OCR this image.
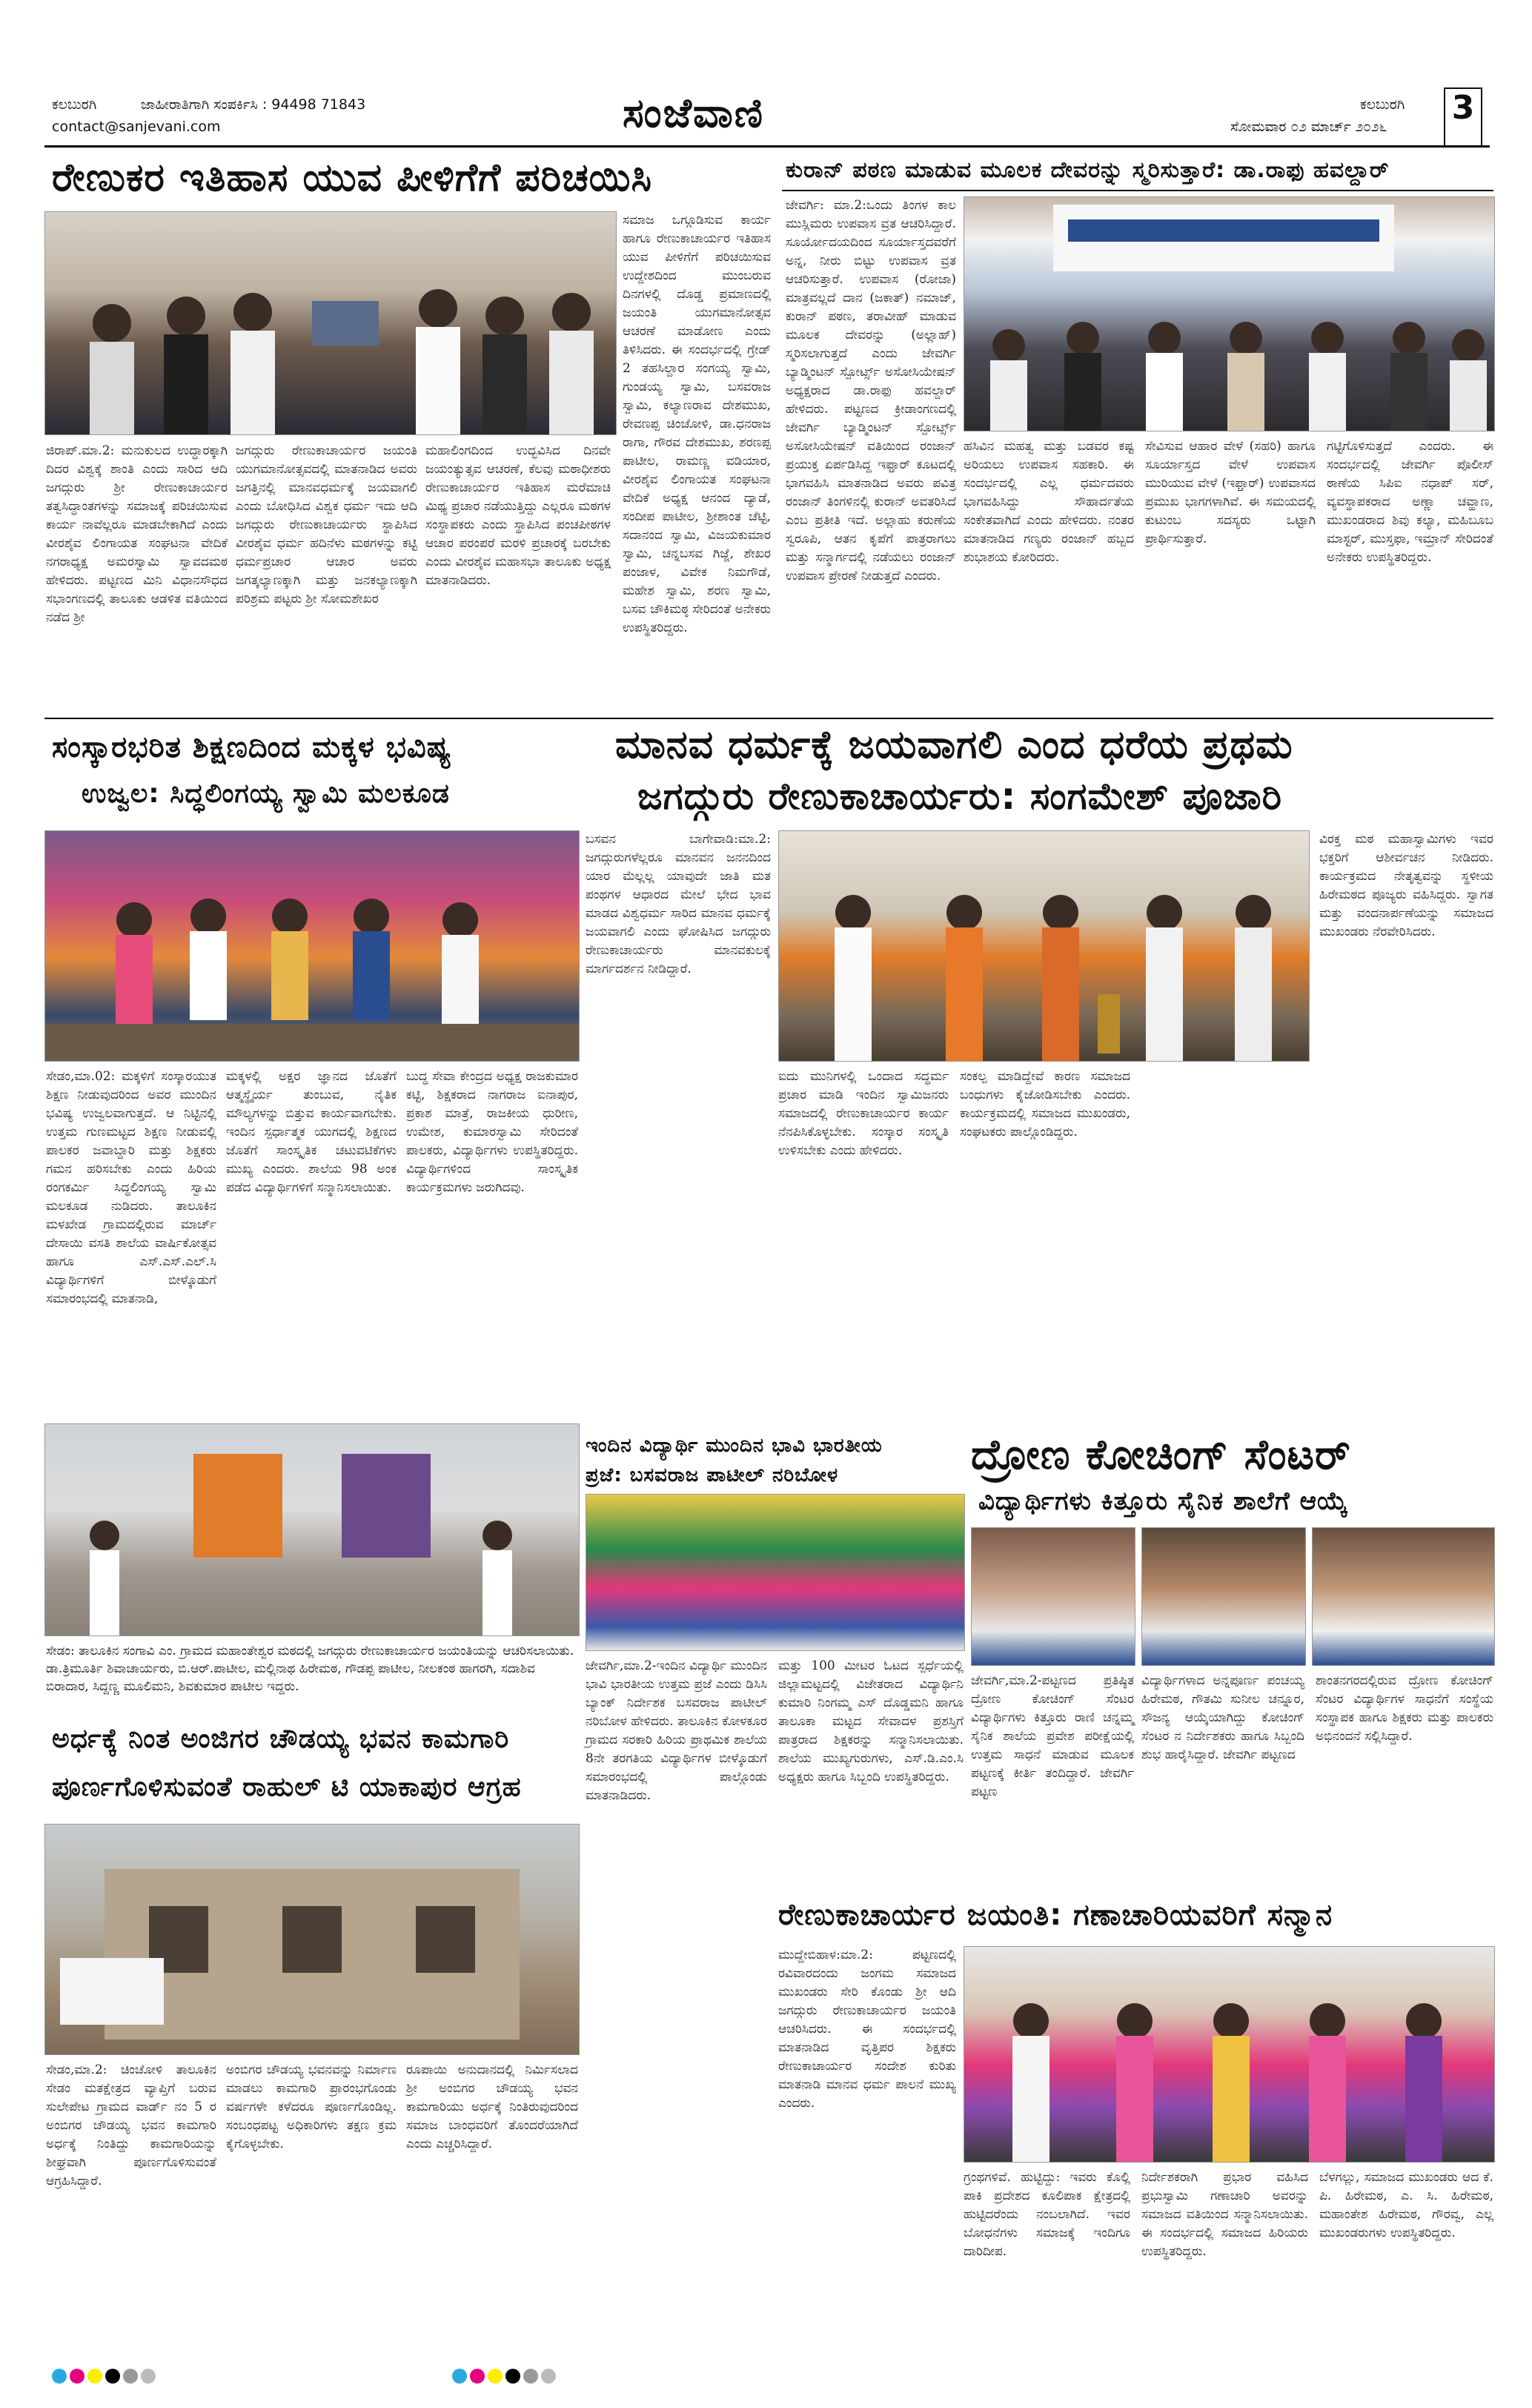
ಕಲಬುರಗಿ	ಜಾಹೀರಾತಿಗಾಗಿ ಸಂಪರ್ಕಿಸಿ : 94498 71843
contact@sanjevani.com	ಸಂಜೆವಾಣಿ	ಸೋಮವಾರ ೦೨ ಮಾರ್ಚ್ ೨೦೨೬
ಕಲಬುರಗಿ 3
ರೇಣುಕರ ಇತಿಹಾಸ ಯುವ ಪೀಳಿಗೆಗೆ ಪರಿಚಯಿಸಿ
ಜಿರಾಪ್.ಮಾ.2: ಮನುಕುಲದ ಉದ್ಧಾರಕ್ಕಾಗಿ ದಿದರ ವಿಶ್ವಕ್ಕೆ ಶಾಂತಿ ಎಂದು ಸಾರಿದ ಆದಿ ಜಗದ್ಗುರು ಶ್ರೀ ರೇಣುಕಾಚಾರ್ಯರ ತತ್ವಸಿದ್ಧಾಂತಗಳನ್ನು ಸಮಾಜಕ್ಕೆ ಪರಿಚಯಿಸುವ ಕಾರ್ಯ ನಾವೆಲ್ಲರೂ ಮಾಡಬೇಕಾಗಿದೆ ಎಂದು ವೀರಶೈವ ಲಿಂಗಾಯತ ಸಂಘಟನಾ ವೇದಿಕೆ ನಗರಾಧ್ಯಕ್ಷ ಅಮರಸ್ವಾಮಿ ಸ್ವಾವದಮಠ ಹೇಳಿದರು. ಪಟ್ಟಣದ ಮಿನಿ ವಿಧಾನಸೌಧದ ಸಭಾಂಗಣದಲ್ಲಿ ತಾಲೂಕು ಆಡಳಿತ ವತಿಯಿಂದ ನಡೆದ ಶ್ರೀ
ಜಗದ್ಗುರು ರೇಣುಕಾಚಾರ್ಯರ ಜಯಂತಿ ಯುಗಮಾನೋತ್ಸವದಲ್ಲಿ ಮಾತನಾಡಿದ ಅವರು ಜಗತ್ತಿನಲ್ಲಿ ಮಾನವಧರ್ಮಕ್ಕೆ ಜಯವಾಗಲಿ ಎಂದು ಬೋಧಿಸಿದ ವಿಶ್ವಕ ಧರ್ಮ ಇದು ಆದಿ ಜಗದ್ಗುರು ರೇಣುಕಾಚಾರ್ಯರು ಸ್ಥಾಪಿಸಿದ ವೀರಶೈವ ಧರ್ಮ ಹದಿನೆಳು ಮಠಗಳನ್ನು ಕಟ್ಟಿ ಧರ್ಮಪ್ರಚಾರ ಆಚಾರ ಅವರು ಜಗತ್ಕಲ್ಯಾಣಕ್ಕಾಗಿ ಮತ್ತು ಜನಕಲ್ಯಾಣಕ್ಕಾಗಿ ಪರಿಶ್ರಮ ಪಟ್ಟರು ಶ್ರೀ ಸೋಮಶೇಖರ
ಮಹಾಲಿಂಗದಿಂದ ಉದ್ಭವಿಸಿದ ದಿನವೇ ಜಯಂತ್ಯುತ್ಸವ ಆಚರಣೆ, ಕೆಲವು ಮಠಾಧೀಶರು ರೇಣುಕಾಚಾರ್ಯರ ಇತಿಹಾಸ ಮರೆಮಾಚಿ ಮಿಥ್ಯ ಪ್ರಚಾರ ನಡೆಯುತ್ತಿದ್ದು ಎಲ್ಲರೂ ಮಠಗಳ ಸಂಸ್ಥಾಪಕರು ಎಂದು ಸ್ಥಾಪಿಸಿದ ಪಂಚಪೀಠಗಳ ಆಚಾರ ಪರಂಪರೆ ಮರಳಿ ಪ್ರಚಾರಕ್ಕೆ ಬರಬೇಕು ಎಂದು ವೀರಶೈವ ಮಹಾಸಭಾ ತಾಲೂಕು ಅಧ್ಯಕ್ಷ ಮಾತನಾಡಿದರು.
ಸಮಾಜ ಒಗ್ಗೂಡಿಸುವ ಕಾರ್ಯ ಹಾಗೂ ರೇಣುಕಾಚಾರ್ಯರ ಇತಿಹಾಸ ಯುವ ಪೀಳಿಗೆಗೆ ಪರಿಚಯಿಸುವ ಉದ್ದೇಶದಿಂದ ಮುಂಬರುವ ದಿನಗಳಲ್ಲಿ ದೊಡ್ಡ ಪ್ರಮಾಣದಲ್ಲಿ ಜಯಂತಿ ಯುಗಮಾನೋತ್ಸವ ಆಚರಣೆ ಮಾಡೋಣ ಎಂದು ತಿಳಿಸಿದರು. ಈ ಸಂದರ್ಭದಲ್ಲಿ ಗ್ರೇಡ್ 2 ತಹಸಿಲ್ದಾರ ಸಂಗಯ್ಯ ಸ್ವಾಮಿ, ಗುಂಡಯ್ಯ ಸ್ವಾಮಿ, ಬಸವರಾಜ ಸ್ವಾಮಿ, ಕಲ್ಯಾಣರಾವ ದೇಶಮುಖ, ರೇವಣಪ್ಪ ಚಿಂಚೋಳಿ, ಡಾ.ಧನರಾಜ ರಾಗಾ, ಗೌರವ ದೇಶಮುಖ, ಶರಣಪ್ಪ ಪಾಟೀಲ, ರಾಮಣ್ಣ ವಡಿಯಾರ, ವೀರಶೈವ ಲಿಂಗಾಯತ ಸಂಘಟನಾ ವೇದಿಕೆ ಅಧ್ಯಕ್ಷ ಆನಂದ ದ್ಯಾಡೆ, ಸಂದೀಪ ಪಾಟೀಲ, ಶ್ರೀಶಾಂತ ಚೆಟ್ಟಿ, ಸದಾನಂದ ಸ್ವಾಮಿ, ವಿಜಯಕುಮಾರ ಸ್ವಾಮಿ, ಚನ್ನಬಸವ ಗಿಜ್ಜೆ, ಶೇಖರ ಪಂಜಾಳ, ವಿವೇಕ ನಿಮಗೌಡೆ, ಮಹೇಶ ಸ್ವಾಮಿ, ಶರಣ ಸ್ವಾಮಿ, ಬಸವ ಚೌಕಿಮಠ್ಠ ಸೇರಿದಂತೆ ಅನೇಕರು ಉಪಸ್ಥಿತರಿದ್ದರು.
ಕುರಾನ್ ಪಠಣ ಮಾಡುವ ಮೂಲಕ ದೇವರನ್ನು ಸ್ಮರಿಸುತ್ತಾರೆ: ಡಾ.ರಾಫು ಹವಲ್ದಾರ್
ಜೇವರ್ಗಿ: ಮಾ.2:ಒಂದು ತಿಂಗಳ ಕಾಲ ಮುಸ್ಲಿಮರು ಉಪವಾಸ ವ್ರತ ಆಚರಿಸಿದ್ದಾರೆ. ಸೂರ್ಯೋದಯದಿಂದ ಸೂರ್ಯಾಸ್ತದವರೆಗೆ ಅನ್ನ, ನೀರು ಬಿಟ್ಟು ಉಪವಾಸ ವ್ರತ ಆಚರಿಸುತ್ತಾರೆ. ಉಪವಾಸ (ರೋಜಾ) ಮಾತ್ರವಲ್ಲದೆ ದಾನ (ಜಕಾತ್) ನಮಾಜ್, ಕುರಾನ್ ಪಠಣ, ತರಾವೀಹ್ ಮಾಡುವ ಮೂಲಕ ದೇವರನ್ನು (ಅಲ್ಲಾಹ್) ಸ್ಮರಿಸಲಾಗುತ್ತದೆ ಎಂದು ಜೇವರ್ಗಿ ಬ್ಯಾಡ್ಮಿಂಟನ್ ಸ್ಪೋರ್ಟ್ಸ್ ಅಸೋಸಿಯೇಷನ್ ಅಧ್ಯಕ್ಷರಾದ ಡಾ.ರಾಫು ಹವಲ್ದಾರ್ ಹೇಳಿದರು. ಪಟ್ಟಣದ ಕ್ರೀಡಾಂಗಣದಲ್ಲಿ ಜೇವರ್ಗಿ ಬ್ಯಾಡ್ಮಿಂಟನ್ ಸ್ಪೋರ್ಟ್ಸ್ ಅಸೋಸಿಯೇಷನ್ ವತಿಯಿಂದ ರಂಜಾನ್ ಪ್ರಯುಕ್ತ ಏರ್ಪಡಿಸಿದ್ದ ಇಫ್ತಾರ್ ಕೂಟದಲ್ಲಿ ಭಾಗವಹಿಸಿ ಮಾತನಾಡಿದ ಅವರು ಪವಿತ್ರ ರಂಜಾನ್ ತಿಂಗಳಿನಲ್ಲಿ ಕುರಾನ್ ಅವತರಿಸಿದೆ ಎಂಬ ಪ್ರತೀತಿ ಇದೆ. ಅಲ್ಲಾಹು ಕರುಣೆಯ ಸ್ವರೂಪಿ, ಆತನ ಕೃಪೆಗೆ ಪಾತ್ರರಾಗಲು ಮತ್ತು ಸನ್ಮಾರ್ಗದಲ್ಲಿ ನಡೆಯಲು ರಂಜಾನ್ ಉಪವಾಸ ಪ್ರೇರಣೆ ನೀಡುತ್ತದೆ ಎಂದರು.
ಹಸಿವಿನ ಮಹತ್ವ ಮತ್ತು ಬಡವರ ಕಷ್ಟ ಅರಿಯಲು ಉಪವಾಸ ಸಹಕಾರಿ. ಈ ಸಂದರ್ಭದಲ್ಲಿ ಎಲ್ಲ ಧರ್ಮದವರು ಭಾಗವಹಿಸಿದ್ದು ಸೌಹಾರ್ದತೆಯ ಸಂಕೇತವಾಗಿದೆ ಎಂದು ಹೇಳಿದರು. ನಂತರ ಮಾತನಾಡಿದ ಗಣ್ಯರು ರಂಜಾನ್ ಹಬ್ಬದ ಶುಭಾಶಯ ಕೋರಿದರು.
ಸೇವಿಸುವ ಆಹಾರ ವೇಳೆ (ಸಹರಿ) ಹಾಗೂ ಸೂರ್ಯಾಸ್ತದ ವೇಳೆ ಉಪವಾಸ ಮುರಿಯುವ ವೇಳೆ (ಇಫ್ತಾರ್) ಉಪವಾಸದ ಪ್ರಮುಖ ಭಾಗಗಳಾಗಿವೆ. ಈ ಸಮಯದಲ್ಲಿ ಕುಟುಂಬ ಸದಸ್ಯರು ಒಟ್ಟಾಗಿ ಪ್ರಾರ್ಥಿಸುತ್ತಾರೆ.
ಗಟ್ಟಿಗೊಳಿಸುತ್ತದೆ ಎಂದರು. ಈ ಸಂದರ್ಭದಲ್ಲಿ ಜೇವರ್ಗಿ ಪೊಲೀಸ್ ಠಾಣೆಯ ಸಿಪಿಐ ನಧಾಪ್ ಸರ್, ವ್ಯವಸ್ಥಾಪಕರಾದ ಅಣ್ಣಾ ಚವ್ಹಾಣ, ಮುಖಂಡರಾದ ಶಿವು ಕಲ್ಯಾ, ಮಹಿಬೂಬ ಮಾಸ್ಟರ್, ಮುಸ್ತಫಾ, ಇಮ್ರಾನ್ ಸೇರಿದಂತೆ ಅನೇಕರು ಉಪಸ್ಥಿತರಿದ್ದರು.
ಸಂಸ್ಕಾರಭರಿತ ಶಿಕ್ಷಣದಿಂದ ಮಕ್ಕಳ ಭವಿಷ್ಯ
ಉಜ್ವಲ: ಸಿದ್ಧಲಿಂಗಯ್ಯ ಸ್ವಾಮಿ ಮಲಕೂಡ
ಸೇಡಂ,ಮಾ.02: ಮಕ್ಕಳಿಗೆ ಸಂಸ್ಕಾರಯುತ ಶಿಕ್ಷಣ ನೀಡುವುದರಿಂದ ಅವರ ಮುಂದಿನ ಭವಿಷ್ಯ ಉಜ್ವಲವಾಗುತ್ತದೆ. ಆ ನಿಟ್ಟಿನಲ್ಲಿ ಉತ್ತಮ ಗುಣಮಟ್ಟದ ಶಿಕ್ಷಣ ನೀಡುವಲ್ಲಿ ಪಾಲಕರ ಜವಾಬ್ದಾರಿ ಮತ್ತು ಶಿಕ್ಷಕರು ಗಮನ ಹರಿಸಬೇಕು ಎಂದು ಹಿರಿಯ ರಂಗಕರ್ಮಿ ಸಿದ್ಧಲಿಂಗಯ್ಯ ಸ್ವಾಮಿ ಮಲಕೂಡ ನುಡಿದರು. ತಾಲೂಕಿನ ಮಳಖೇಡ ಗ್ರಾಮದಲ್ಲಿರುವ ಮಾರ್ಚ್ ದೇಸಾಯಿ ವಸತಿ ಶಾಲೆಯ ವಾರ್ಷಿಕೋತ್ಸವ ಹಾಗೂ ಎಸ್.ಎಸ್.ಎಲ್.ಸಿ ವಿದ್ಯಾರ್ಥಿಗಳಿಗೆ ಬೀಳ್ಕೊಡುಗೆ ಸಮಾರಂಭದಲ್ಲಿ ಮಾತನಾಡಿ,
ಮಕ್ಕಳಲ್ಲಿ ಅಕ್ಷರ ಜ್ಞಾನದ ಜೊತೆಗೆ ಆತ್ಮಸ್ಥೈರ್ಯ ತುಂಬುವ, ನೈತಿಕ ಮೌಲ್ಯಗಳನ್ನು ಬಿತ್ತುವ ಕಾರ್ಯವಾಗಬೇಕು. ಇಂದಿನ ಸ್ಪರ್ಧಾತ್ಮಕ ಯುಗದಲ್ಲಿ ಶಿಕ್ಷಣದ ಜೊತೆಗೆ ಸಾಂಸ್ಕೃತಿಕ ಚಟುವಟಿಕೆಗಳು ಮುಖ್ಯ ಎಂದರು. ಶಾಲೆಯ 98 ಅಂಕ ಪಡೆದ ವಿದ್ಯಾರ್ಥಿಗಳಿಗೆ ಸನ್ಮಾನಿಸಲಾಯಿತು.
ಬುದ್ಧ ಸೇವಾ ಕೇಂದ್ರದ ಅಧ್ಯಕ್ಷ ರಾಜಕುಮಾರ ಕಟ್ಟಿ, ಶಿಕ್ಷಕರಾದ ನಾಗರಾಜ ಐನಾಪುರ, ಪ್ರಕಾಶ ಮಾತ್ರೆ, ರಾಜಕೀಯ ಧುರೀಣ, ಉಮೇಶ, ಕುಮಾರಸ್ವಾಮಿ ಸೇರಿದಂತೆ ಪಾಲಕರು, ವಿದ್ಯಾರ್ಥಿಗಳು ಉಪಸ್ಥಿತರಿದ್ದರು. ವಿದ್ಯಾರ್ಥಿಗಳಿಂದ ಸಾಂಸ್ಕೃತಿಕ ಕಾರ್ಯಕ್ರಮಗಳು ಜರುಗಿದವು.
ಮಾನವ ಧರ್ಮಕ್ಕೆ ಜಯವಾಗಲಿ ಎಂದ ಧರೆಯ ಪ್ರಥಮ
ಜಗದ್ಗುರು ರೇಣುಕಾಚಾರ್ಯರು: ಸಂಗಮೇಶ್ ಪೂಜಾರಿ
ಬಸವನ ಬಾಗೇವಾಡಿ:ಮಾ.2: ಜಗದ್ಗುರುಗಳೆಲ್ಲರೂ ಮಾನವನ ಜನನದಿಂದ ಯಾರ ಮೆಲ್ಲಲ್ಲ ಯಾವುದೇ ಜಾತಿ ಮತ ಪಂಥಗಳ ಆಧಾರದ ಮೇಲೆ ಭೇದ ಭಾವ ಮಾಡದ ವಿಶ್ವಧರ್ಮ ಸಾರಿದ ಮಾನವ ಧರ್ಮಕ್ಕೆ ಜಯವಾಗಲಿ ಎಂದು ಘೋಷಿಸಿದ ಜಗದ್ಗುರು ರೇಣುಕಾಚಾರ್ಯರು ಮಾನವಕುಲಕ್ಕೆ ಮಾರ್ಗದರ್ಶನ ನೀಡಿದ್ದಾರೆ.
ಐದು ಮುನಿಗಳಲ್ಲಿ ಒಂದಾದ ಸದ್ಧರ್ಮ ಪ್ರಚಾರ ಮಾಡಿ ಇಂದಿನ ಸ್ವಾಮಿಜನರು ಸಮಾಜದಲ್ಲಿ ರೇಣುಕಾಚಾರ್ಯರ ಕಾರ್ಯ ನೆನಪಿಸಿಕೊಳ್ಳಬೇಕು. ಸಂಸ್ಕಾರ ಸಂಸ್ಕೃತಿ ಉಳಿಸಬೇಕು ಎಂದು ಹೇಳಿದರು.
ಸಂಕಲ್ಪ ಮಾಡಿದ್ದೇವೆ ಕಾರಣ ಸಮಾಜದ ಬಂಧುಗಳು ಕೈಜೋಡಿಸಬೇಕು ಎಂದರು. ಕಾರ್ಯಕ್ರಮದಲ್ಲಿ ಸಮಾಜದ ಮುಖಂಡರು, ಸಂಘಟಕರು ಪಾಲ್ಗೊಂಡಿದ್ದರು.
ವಿರಕ್ತ ಮಠ ಮಹಾಸ್ವಾಮಿಗಳು ಇವರ ಭಕ್ತರಿಗೆ ಆಶೀರ್ವಚನ ನೀಡಿದರು. ಕಾರ್ಯಕ್ರಮದ ನೇತೃತ್ವವನ್ನು ಸ್ಥಳೀಯ ಹಿರೇಮಠದ ಪೂಜ್ಯರು ವಹಿಸಿದ್ದರು. ಸ್ವಾಗತ ಮತ್ತು ವಂದನಾರ್ಪಣೆಯನ್ನು ಸಮಾಜದ ಮುಖಂಡರು ನೆರವೇರಿಸಿದರು.
ಸೇಡಂ: ತಾಲೂಕಿನ ಸಂಗಾವಿ ಎಂ. ಗ್ರಾಮದ ಮಹಾಂತೇಶ್ವರ ಮಠದಲ್ಲಿ ಜಗದ್ಗುರು ರೇಣುಕಾಚಾರ್ಯರ ಜಯಂತಿಯನ್ನು ಆಚರಿಸಲಾಯಿತು. ಡಾ.ತ್ರಿಮೂರ್ತಿ ಶಿವಾಚಾರ್ಯರು, ಬಿ.ಆರ್.ಪಾಟೀಲ, ಮಲ್ಲಿನಾಥ ಹಿರೇಮಠ, ಗೌಡಪ್ಪ ಪಾಟೀಲ, ನೀಲಕಂಠ ಹಾಗರಗಿ, ಸದಾಶಿವ ಬಿರಾದಾರ, ಸಿದ್ದಣ್ಣ ಮೂಲಿಮನಿ, ಶಿವಕುಮಾರ ಪಾಟೀಲ ಇದ್ದರು.
ಅರ್ಧಕ್ಕೆ ನಿಂತ ಅಂಜಿಗರ ಚೌಡಯ್ಯ ಭವನ ಕಾಮಗಾರಿ
ಪೂರ್ಣಗೊಳಿಸುವಂತೆ ರಾಹುಲ್ ಟಿ ಯಾಕಾಪುರ ಆಗ್ರಹ
ಸೇಡಂ,ಮಾ.2: ಚಿಂಚೋಳಿ ತಾಲೂಕಿನ ಸೇಡಂ ಮತಕ್ಷೇತ್ರದ ವ್ಯಾಪ್ತಿಗೆ ಬರುವ ಸುಲೇಪೇಟ ಗ್ರಾಮದ ವಾರ್ಡ್ ನಂ 5 ರ ಅಂಬಿಗರ ಚೌಡಯ್ಯ ಭವನ ಕಾಮಗಾರಿ ಅರ್ಧಕ್ಕೆ ನಿಂತಿದ್ದು ಕಾಮಗಾರಿಯನ್ನು ಶೀಘ್ರವಾಗಿ ಪೂರ್ಣಗೊಳಿಸುವಂತೆ ಆಗ್ರಹಿಸಿದ್ದಾರೆ.
ಅಂಬಿಗರ ಚೌಡಯ್ಯ ಭವನವನ್ನು ನಿರ್ಮಾಣ ಮಾಡಲು ಕಾಮಗಾರಿ ಪ್ರಾರಂಭಗೊಂಡು ವರ್ಷಗಳೇ ಕಳೆದರೂ ಪೂರ್ಣಗೊಂಡಿಲ್ಲ. ಸಂಬಂಧಪಟ್ಟ ಅಧಿಕಾರಿಗಳು ತಕ್ಷಣ ಕ್ರಮ ಕೈಗೊಳ್ಳಬೇಕು.
ರೂಪಾಯಿ ಅನುದಾನದಲ್ಲಿ ನಿರ್ಮಿಸಲಾದ ಶ್ರೀ ಅಂಬಿಗರ ಚೌಡಯ್ಯ ಭವನ ಕಾಮಗಾರಿಯು ಅರ್ಧಕ್ಕೆ ನಿಂತಿರುವುದರಿಂದ ಸಮಾಜ ಬಾಂಧವರಿಗೆ ತೊಂದರೆಯಾಗಿದೆ ಎಂದು ಎಚ್ಚರಿಸಿದ್ದಾರೆ.
ಇಂದಿನ ವಿದ್ಯಾರ್ಥಿ ಮುಂದಿನ ಭಾವಿ ಭಾರತೀಯ
ಪ್ರಜೆ: ಬಸವರಾಜ ಪಾಟೀಲ್ ನರಿಬೋಳ
ಜೇವರ್ಗಿ,ಮಾ.2-ಇಂದಿನ ವಿದ್ಯಾರ್ಥಿ ಮುಂದಿನ ಭಾವಿ ಭಾರತೀಯ ಉತ್ತಮ ಪ್ರಜೆ ಎಂದು ಡಿಸಿಸಿ ಬ್ಯಾಂಕ್ ನಿರ್ದೇಶಕ ಬಸವರಾಜ ಪಾಟೀಲ್ ನರಿಬೋಳ ಹೇಳಿದರು. ತಾಲೂಕಿನ ಕೋಳಕೂರ ಗ್ರಾಮದ ಸರಕಾರಿ ಹಿರಿಯ ಪ್ರಾಥಮಿಕ ಶಾಲೆಯ 8ನೇ ತರಗತಿಯ ವಿದ್ಯಾರ್ಥಿಗಳ ಬೀಳ್ಕೊಡುಗೆ ಸಮಾರಂಭದಲ್ಲಿ ಪಾಲ್ಗೊಂಡು ಮಾತನಾಡಿದರು.
ಮತ್ತು 100 ಮೀಟರ ಓಟದ ಸ್ಪರ್ಧೆಯಲ್ಲಿ ಜಿಲ್ಲಾಮಟ್ಟದಲ್ಲಿ ವಿಜೇತರಾದ ವಿದ್ಯಾರ್ಥಿನಿ ಕುಮಾರಿ ನಿಂಗಮ್ಮ ಎಸ್ ದೊಡ್ಡಮನಿ ಹಾಗೂ ತಾಲೂಕಾ ಮಟ್ಟದ ಸೇವಾದಳ ಪ್ರಶಸ್ತಿಗೆ ಪಾತ್ರರಾದ ಶಿಕ್ಷಕರನ್ನು ಸನ್ಮಾನಿಸಲಾಯಿತು. ಶಾಲೆಯ ಮುಖ್ಯಗುರುಗಳು, ಎಸ್.ಡಿ.ಎಂ.ಸಿ ಅಧ್ಯಕ್ಷರು ಹಾಗೂ ಸಿಬ್ಬಂದಿ ಉಪಸ್ಥಿತರಿದ್ದರು.
ದ್ರೋಣ ಕೋಚಿಂಗ್ ಸೆಂಟರ್
ವಿದ್ಯಾರ್ಥಿಗಳು ಕಿತ್ತೂರು ಸೈನಿಕ ಶಾಲೆಗೆ ಆಯ್ಕೆ
ಜೇವರ್ಗಿ,ಮಾ.2-ಪಟ್ಟಣದ ಪ್ರತಿಷ್ಠಿತ ದ್ರೋಣ ಕೋಚಿಂಗ್ ಸೆಂಟರ ವಿದ್ಯಾರ್ಥಿಗಳು ಕಿತ್ತೂರು ರಾಣಿ ಚನ್ನಮ್ಮ ಸೈನಿಕ ಶಾಲೆಯ ಪ್ರವೇಶ ಪರೀಕ್ಷೆಯಲ್ಲಿ ಉತ್ತಮ ಸಾಧನೆ ಮಾಡುವ ಮೂಲಕ ಪಟ್ಟಣಕ್ಕೆ ಕೀರ್ತಿ ತಂದಿದ್ದಾರೆ. ಜೇವರ್ಗಿ ಪಟ್ಟಣ
ವಿದ್ಯಾರ್ಥಿಗಳಾದ ಅನ್ನಪೂರ್ಣ ಪಂಚಯ್ಯ ಹಿರೇಮಠ, ಗೌತಮಿ ಸುನೀಲ ಚನ್ನೂರ, ಸೌಜನ್ಯ ಆಯ್ಕೆಯಾಗಿದ್ದು ಕೋಚಿಂಗ್ ಸೆಂಟರ ನ ನಿರ್ದೇಶಕರು ಹಾಗೂ ಸಿಬ್ಬಂದಿ ಶುಭ ಹಾರೈಸಿದ್ದಾರೆ. ಜೇವರ್ಗಿ ಪಟ್ಟಣದ
ಶಾಂತನಗರದಲ್ಲಿರುವ ದ್ರೋಣ ಕೋಚಿಂಗ್ ಸೆಂಟರ ವಿದ್ಯಾರ್ಥಿಗಳ ಸಾಧನೆಗೆ ಸಂಸ್ಥೆಯ ಸಂಸ್ಥಾಪಕ ಹಾಗೂ ಶಿಕ್ಷಕರು ಮತ್ತು ಪಾಲಕರು ಅಭಿನಂದನೆ ಸಲ್ಲಿಸಿದ್ದಾರೆ.
ರೇಣುಕಾಚಾರ್ಯರ ಜಯಂತಿ: ಗಣಾಚಾರಿಯವರಿಗೆ ಸನ್ಮಾನ
ಮುದ್ದೇಬಿಹಾಳ:ಮಾ.2: ಪಟ್ಟಣದಲ್ಲಿ ರವಿವಾರದಂದು ಜಂಗಮ ಸಮಾಜದ ಮುಖಂಡರು ಸೇರಿ ಕೊಂಡು ಶ್ರೀ ಆದಿ ಜಗದ್ಗುರು ರೇಣುಕಾಚಾರ್ಯರ ಜಯಂತಿ ಆಚರಿಸಿದರು. ಈ ಸಂದರ್ಭದಲ್ಲಿ ಮಾತನಾಡಿದ ವೃತ್ತಿಪರ ಶಿಕ್ಷಕರು ರೇಣುಕಾಚಾರ್ಯರ ಸಂದೇಶ ಕುರಿತು ಮಾತನಾಡಿ ಮಾನವ ಧರ್ಮ ಪಾಲನೆ ಮುಖ್ಯ ಎಂದರು.
ಗ್ರಂಥಗಳಿವೆ. ಹುಟ್ಟಿದ್ದು: ಇವರು ಕೊಲ್ಲಿ ಪಾಕಿ ಪ್ರದೇಶದ ಕೂಲಿಪಾಕ ಕ್ಷೇತ್ರದಲ್ಲಿ ಹುಟ್ಟಿದರೆಂದು ನಂಬಲಾಗಿದೆ. ಇವರ ಬೋಧನೆಗಳು ಸಮಾಜಕ್ಕೆ ಇಂದಿಗೂ ದಾರಿದೀಪ.
ನಿರ್ದೇಶಕರಾಗಿ ಪ್ರಭಾರ ವಹಿಸಿದ ಪ್ರಭುಸ್ವಾಮಿ ಗಣಾಚಾರಿ ಅವರನ್ನು ಸಮಾಜದ ವತಿಯಿಂದ ಸನ್ಮಾನಿಸಲಾಯಿತು. ಈ ಸಂದರ್ಭದಲ್ಲಿ ಸಮಾಜದ ಹಿರಿಯರು ಉಪಸ್ಥಿತರಿದ್ದರು.
ಬೆಳಗಲ್ಲು, ಸಮಾಜದ ಮುಖಂಡರು ಆದ ಕೆ. ಪಿ. ಹಿರೇಮಠ, ಎ. ಸಿ. ಹಿರೇಮಠ, ಮಹಾಂತೇಶ ಹಿರೇಮಠ, ಗೌರವ್ವ, ಎಲ್ಲ ಮುಖಂಡರುಗಳು ಉಪಸ್ಥಿತರಿದ್ದರು.
